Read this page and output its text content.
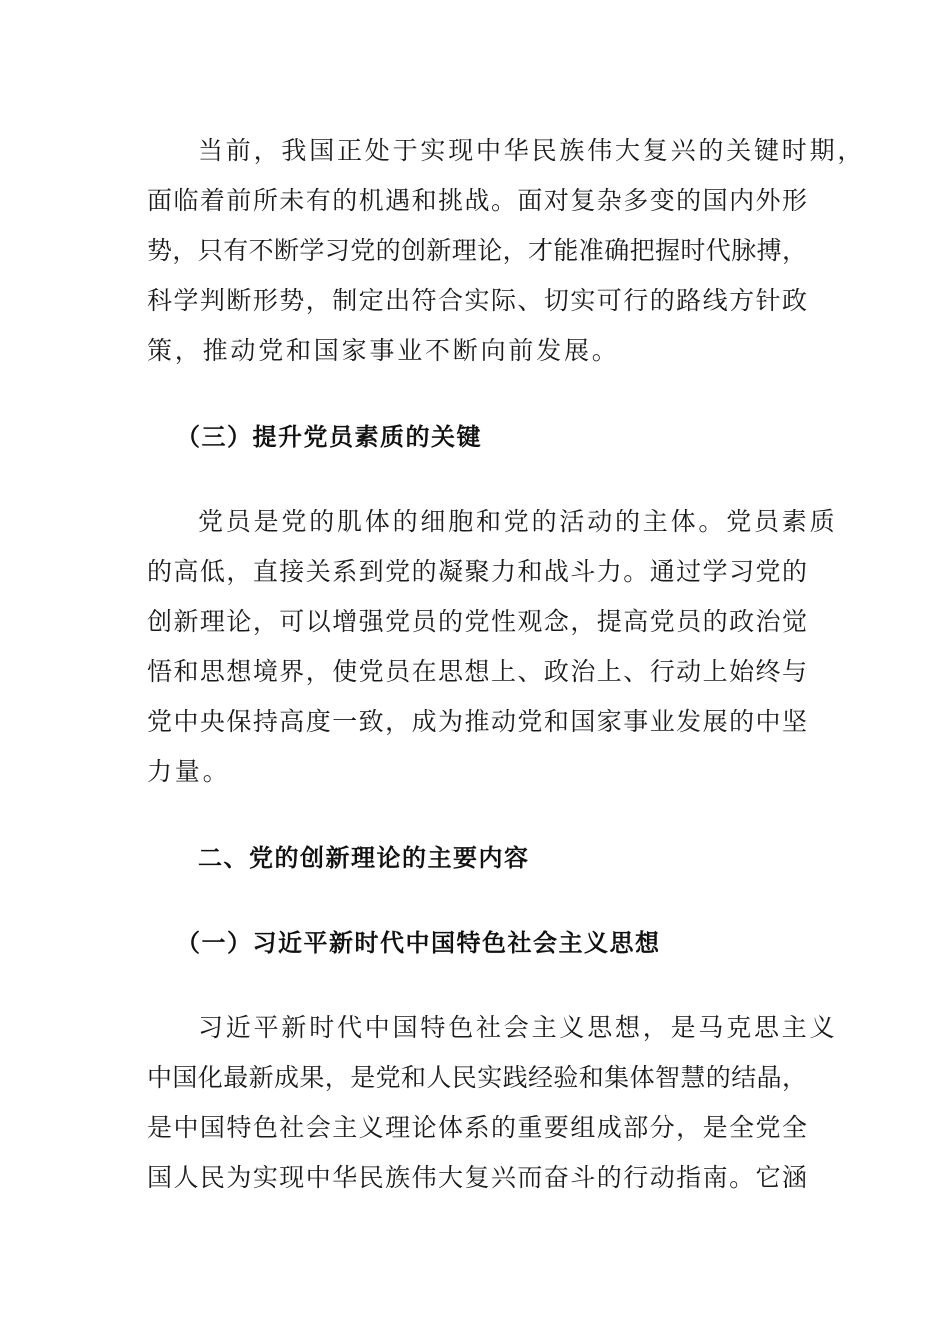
当前，我国正处于实现中华民族伟大复兴的关键时期，
面临着前所未有的机遇和挑战。面对复杂多变的国内外形
势，只有不断学习党的创新理论，才能准确把握时代脉搏，
科学判断形势，制定出符合实际、切实可行的路线方针政
策，推动党和国家事业不断向前发展。
（三）提升党员素质的关键
党员是党的肌体的细胞和党的活动的主体。党员素质
的高低，直接关系到党的凝聚力和战斗力。通过学习党的
创新理论，可以增强党员的党性观念，提高党员的政治觉
悟和思想境界，使党员在思想上、政治上、行动上始终与
党中央保持高度一致，成为推动党和国家事业发展的中坚
力量。
二、党的创新理论的主要内容
（一）习近平新时代中国特色社会主义思想
习近平新时代中国特色社会主义思想，是马克思主义
中国化最新成果，是党和人民实践经验和集体智慧的结晶，
是中国特色社会主义理论体系的重要组成部分，是全党全
国人民为实现中华民族伟大复兴而奋斗的行动指南。它涵
